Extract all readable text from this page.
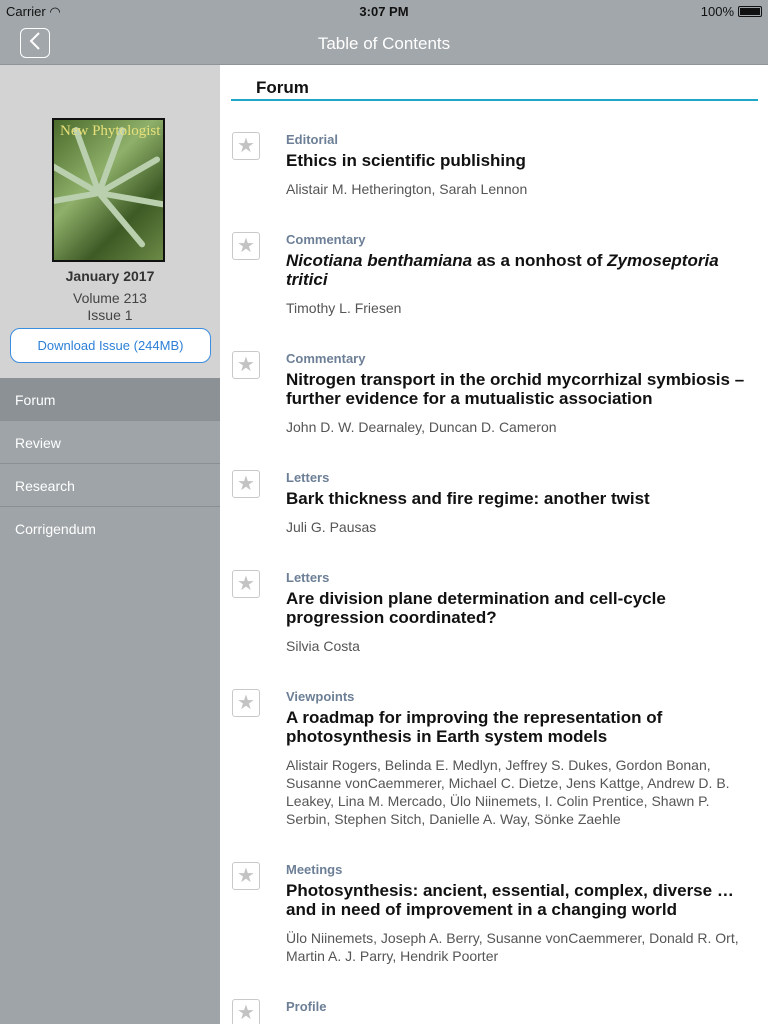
Carrier ◠	3:07 PM	100%
Table of Contents
New Phytologist
January 2017
Volume 213
Issue 1
Download Issue (244MB)
Forum
Review
Research
Corrigendum
Forum
★	Editorial
Ethics in scientific publishing
Alistair M. Hetherington, Sarah Lennon
★	Commentary
Nicotiana benthamiana as a nonhost of Zymoseptoria tritici
Timothy L. Friesen
★	Commentary
Nitrogen transport in the orchid mycorrhizal symbiosis – further evidence for a mutualistic association
John D. W. Dearnaley, Duncan D. Cameron
★	Letters
Bark thickness and fire regime: another twist
Juli G. Pausas
★	Letters
Are division plane determination and cell-cycle progression coordinated?
Silvia Costa
★	Viewpoints
A roadmap for improving the representation of photosynthesis in Earth system models
Alistair Rogers, Belinda E. Medlyn, Jeffrey S. Dukes, Gordon Bonan, Susanne vonCaemmerer, Michael C. Dietze, Jens Kattge, Andrew D. B. Leakey, Lina M. Mercado, Ülo Niinemets, I. Colin Prentice, Shawn P. Serbin, Stephen Sitch, Danielle A. Way, Sönke Zaehle
★	Meetings
Photosynthesis: ancient, essential, complex, diverse … and in need of improvement in a changing world
Ülo Niinemets, Joseph A. Berry, Susanne vonCaemmerer, Donald R. Ort, Martin A. J. Parry, Hendrik Poorter
★	Profile
